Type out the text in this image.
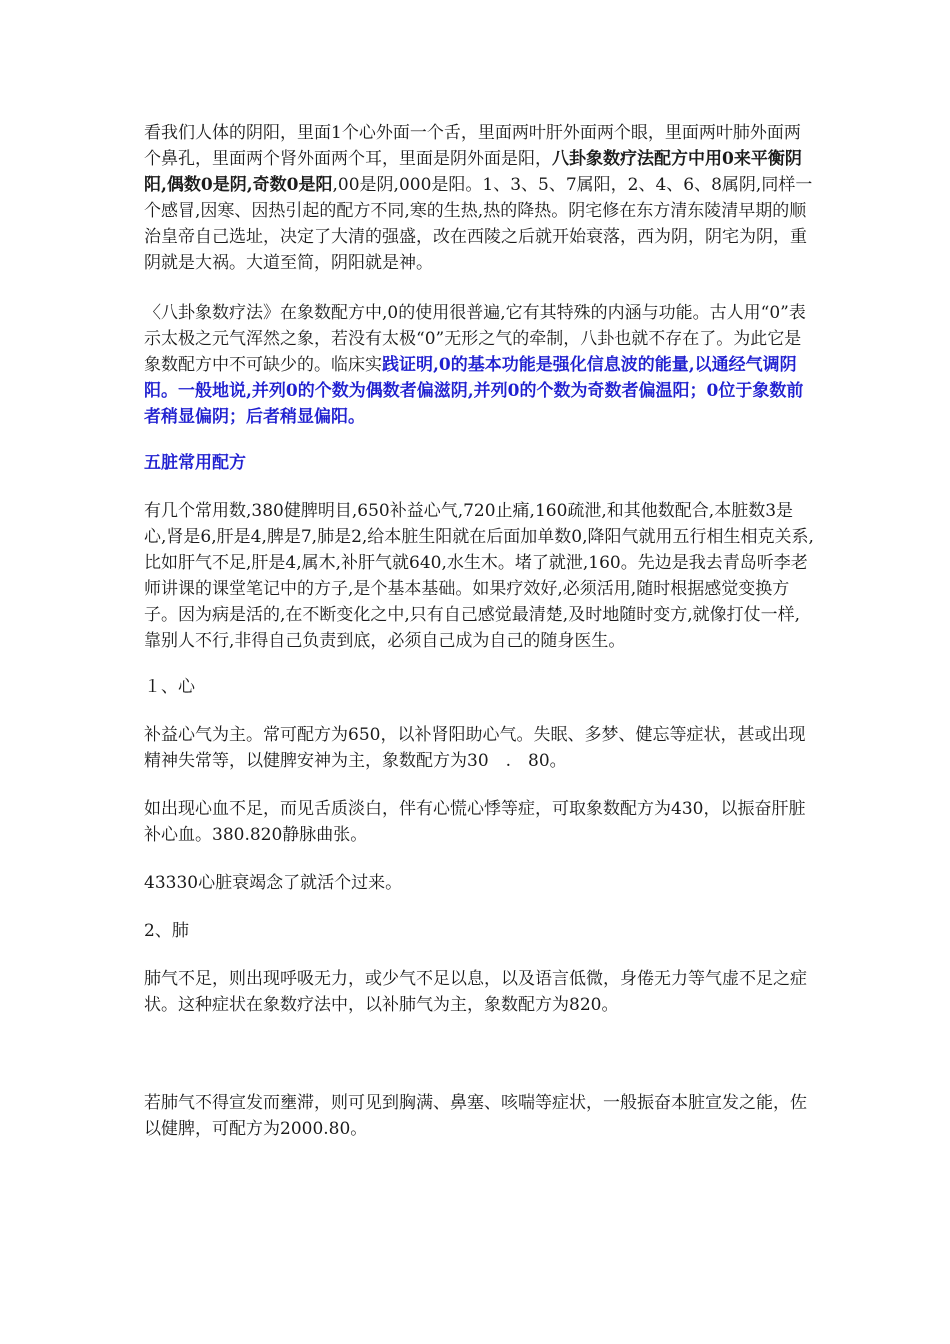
看我们人体的阴阳，里面1个心外面一个舌，里面两叶肝外面两个眼，里面两叶肺外面两个鼻孔，里面两个肾外面两个耳，里面是阴外面是阳，八卦象数疗法配方中用0来平衡阴阳,偶数0是阴,奇数0是阳,00是阴,000是阳。1、3、5、7属阳，2、4、6、8属阴,同样一个感冒,因寒、因热引起的配方不同,寒的生热,热的降热。阴宅修在东方清东陵清早期的顺治皇帝自己选址，决定了大清的强盛，改在西陵之后就开始衰落，西为阴，阴宅为阴，重阴就是大祸。大道至简，阴阳就是神。

〈八卦象数疗法》在象数配方中,0的使用很普遍,它有其特殊的内涵与功能。古人用“0”表示太极之元气浑然之象，若没有太极“0”无形之气的牵制，八卦也就不存在了。为此它是象数配方中不可缺少的。临床实践证明,0的基本功能是强化信息波的能量,以通经气调阴阳。一般地说,并列0的个数为偶数者偏滋阴,并列0的个数为奇数者偏温阳；0位于象数前者稍显偏阴；后者稍显偏阳。

五脏常用配方

有几个常用数,380健脾明目,650补益心气,720止痛,160疏泄,和其他数配合,本脏数3是心,肾是6,肝是4,脾是7,肺是2,给本脏生阳就在后面加单数0,降阳气就用五行相生相克关系,比如肝气不足,肝是4,属木,补肝气就640,水生木。堵了就泄,160。先边是我去青岛听李老师讲课的课堂笔记中的方子,是个基本基础。如果疗效好,必须活用,随时根据感觉变换方子。因为病是活的,在不断变化之中,只有自己感觉最清楚,及时地随时变方,就像打仗一样,靠别人不行,非得自己负责到底，必须自己成为自己的随身医生。

１、心

补益心气为主。常可配方为650，以补肾阳助心气。失眠、多梦、健忘等症状，甚或出现精神失常等，以健脾安神为主，象数配方为30　.　80。

如出现心血不足，而见舌质淡白，伴有心慌心悸等症，可取象数配方为430，以振奋肝脏补心血。380.820静脉曲张。

43330心脏衰竭念了就活个过来。

2、肺

肺气不足，则出现呼吸无力，或少气不足以息，以及语言低微，身倦无力等气虚不足之症状。这种症状在象数疗法中，以补肺气为主，象数配方为820。

若肺气不得宣发而壅滞，则可见到胸满、鼻塞、咳喘等症状，一般振奋本脏宣发之能，佐以健脾，可配方为2000.80。
